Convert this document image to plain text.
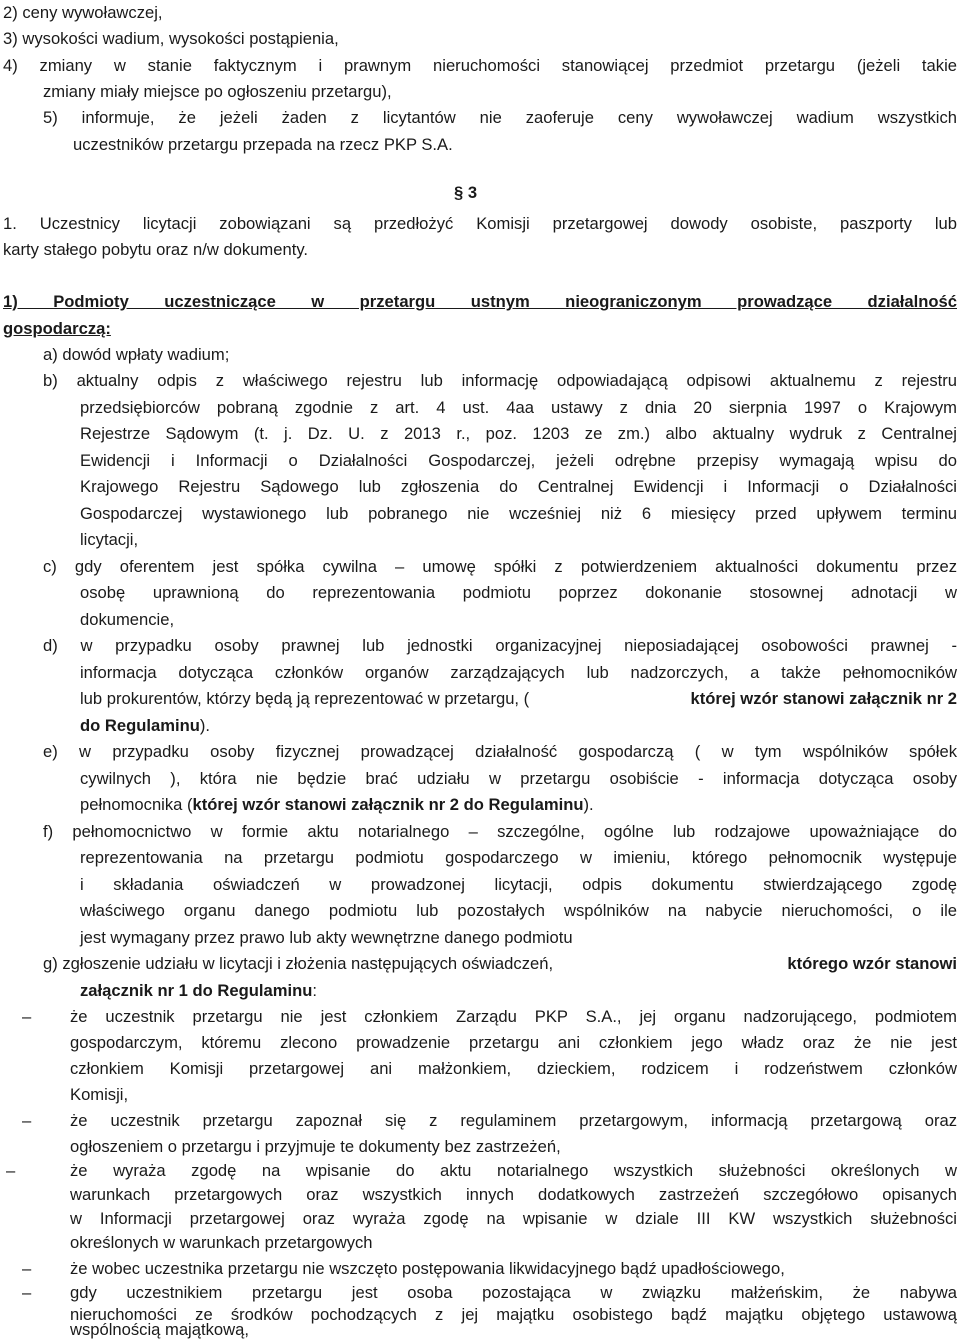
2) ceny wywoławczej,
3) wysokości wadium, wysokości postąpienia,
4) zmiany w stanie faktycznym i prawnym nieruchomości stanowiącej przedmiot przetargu (jeżeli takie
zmiany miały miejsce po ogłoszeniu przetargu),
5) informuje, że jeżeli żaden z licytantów nie zaoferuje ceny wywoławczej wadium wszystkich
uczestników przetargu przepada na rzecz PKP S.A.
§ 3
1. Uczestnicy licytacji zobowiązani są przedłożyć Komisji przetargowej dowody osobiste, paszporty lub
karty stałego pobytu oraz n/w dokumenty.
1) Podmioty uczestniczące w przetargu ustnym nieograniczonym prowadzące działalność
gospodarczą:
a) dowód wpłaty wadium;
b) aktualny odpis z właściwego rejestru lub informację odpowiadającą odpisowi aktualnemu z rejestru
przedsiębiorców pobraną zgodnie z art. 4 ust. 4aa ustawy z dnia 20 sierpnia 1997 o Krajowym
Rejestrze Sądowym (t. j. Dz. U. z 2013 r., poz. 1203 ze zm.) albo aktualny wydruk z Centralnej
Ewidencji i Informacji o Działalności Gospodarczej, jeżeli odrębne przepisy wymagają wpisu do
Krajowego Rejestru Sądowego lub zgłoszenia do Centralnej Ewidencji i Informacji o Działalności
Gospodarczej wystawionego lub pobranego nie wcześniej niż 6 miesięcy przed upływem terminu
licytacji,
c) gdy oferentem jest spółka cywilna – umowę spółki z potwierdzeniem aktualności dokumentu przez
osobę uprawnioną do reprezentowania podmiotu poprzez dokonanie stosownej adnotacji w
dokumencie,
d) w przypadku osoby prawnej lub jednostki organizacyjnej nieposiadającej osobowości prawnej -
informacja dotycząca członków organów zarządzających lub nadzorczych, a także pełnomocników
lub prokurentów, którzy będą ją reprezentować w przetargu, (	której wzór stanowi załącznik nr 2
do Regulaminu).
e) w przypadku osoby fizycznej prowadzącej działalność gospodarczą ( w tym wspólników spółek
cywilnych ), która nie będzie brać udziału w przetargu osobiście - informacja dotycząca osoby
pełnomocnika (której wzór stanowi załącznik nr 2 do Regulaminu).
f) pełnomocnictwo w formie aktu notarialnego – szczególne, ogólne lub rodzajowe upoważniające do
reprezentowania na przetargu podmiotu gospodarczego w imieniu, którego pełnomocnik występuje
i składania oświadczeń w prowadzonej licytacji, odpis dokumentu stwierdzającego zgodę
właściwego organu danego podmiotu lub pozostałych wspólników na nabycie nieruchomości, o ile
jest wymagany przez prawo lub akty wewnętrzne danego podmiotu
g) zgłoszenie udziału w licytacji i złożenia następujących oświadczeń,	którego wzór stanowi
załącznik nr 1 do Regulaminu:
– że uczestnik przetargu nie jest członkiem Zarządu PKP S.A., jej organu nadzorującego, podmiotem
gospodarczym, któremu zlecono prowadzenie przetargu ani członkiem jego władz oraz że nie jest
członkiem Komisji przetargowej ani małżonkiem, dzieckiem, rodzicem i rodzeństwem członków
Komisji,
– że uczestnik przetargu zapoznał się z regulaminem przetargowym, informacją przetargową oraz
ogłoszeniem o przetargu i przyjmuje te dokumenty bez zastrzeżeń,
–	że wyraża zgodę na wpisanie do aktu notarialnego wszystkich służebności określonych w
warunkach przetargowych oraz wszystkich innych dodatkowych zastrzeżeń szczegółowo opisanych
w Informacji przetargowej oraz wyraża zgodę na wpisanie w dziale III KW wszystkich służebności
określonych w warunkach przetargowych
– że wobec uczestnika przetargu nie wszczęto postępowania likwidacyjnego bądź upadłościowego,
– gdy uczestnikiem przetargu jest osoba pozostająca w związku małżeńskim, że nabywa
nieruchomości ze środków pochodzących z jej majątku osobistego bądź majątku objętego ustawową
wspólnością majątkową,
